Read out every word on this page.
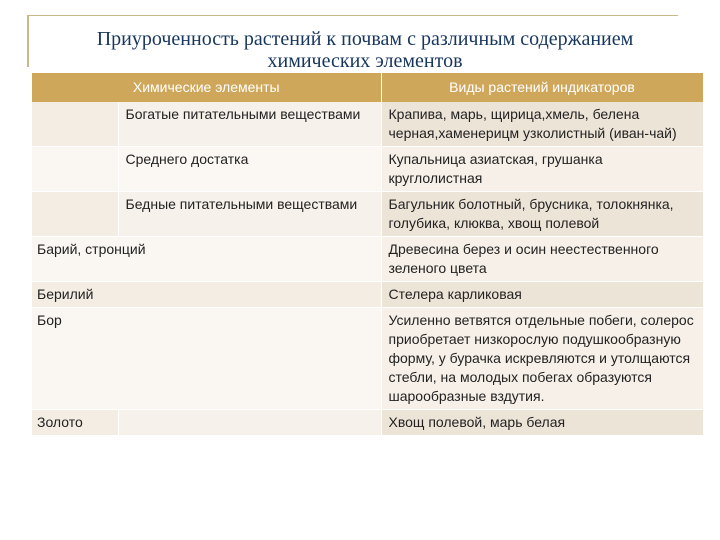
Приуроченность растений к почвам с различным содержанием химических элементов
Химические элементы		Виды растений индикаторов
	Богатые питательными веществами	Крапива, марь, щирица,хмель, белена черная,хаменерицм узколистный (иван-чай)
	Среднего достатка	Купальница азиатская, грушанка круглолистная
	Бедные питательными веществами	Багульник болотный, брусника, толокнянка, голубика, клюква, хвощ полевой
Барий, стронций		Древесина берез и осин неестественного зеленого цвета
Берилий		Стелера карликовая
Бор		Усиленно ветвятся отдельные побеги, солерос приобретает низкорослую подушкообразную форму, у бурачка искревляются и утолщаются стебли, на молодых побегах образуются шарообразные вздутия.
Золото		Хвощ полевой, марь белая
